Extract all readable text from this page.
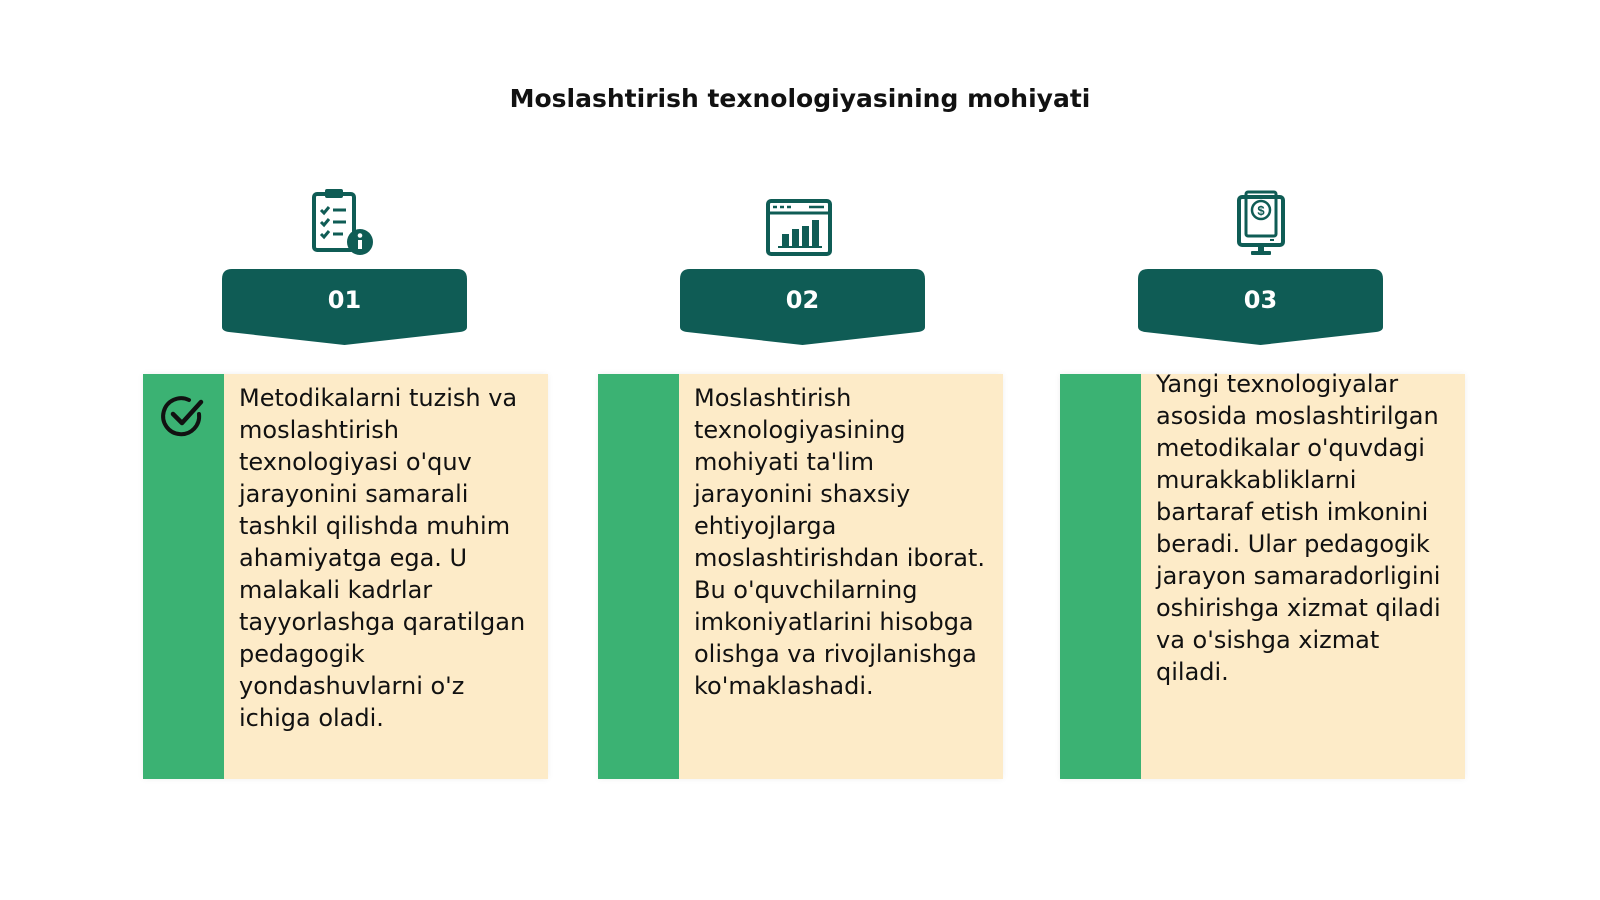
Moslashtirish texnologiyasining mohiyati
01
Metodikalarni tuzish va moslashtirish texnologiyasi o'quv jarayonini samarali tashkil qilishda muhim ahamiyatga ega. U malakali kadrlar tayyorlashga qaratilgan pedagogik yondashuvlarni o'z ichiga oladi.
02
Moslashtirish texnologiyasining mohiyati ta'lim jarayonini shaxsiy ehtiyojlarga moslashtirishdan iborat. Bu o'quvchilarning imkoniyatlarini hisobga olishga va rivojlanishga ko'maklashadi.
$
03
Yangi texnologiyalar asosida moslashtirilgan metodikalar o'quvdagi murakkabliklarni bartaraf etish imkonini beradi. Ular pedagogik jarayon samaradorligini oshirishga xizmat qiladi va o'sishga xizmat qiladi.
